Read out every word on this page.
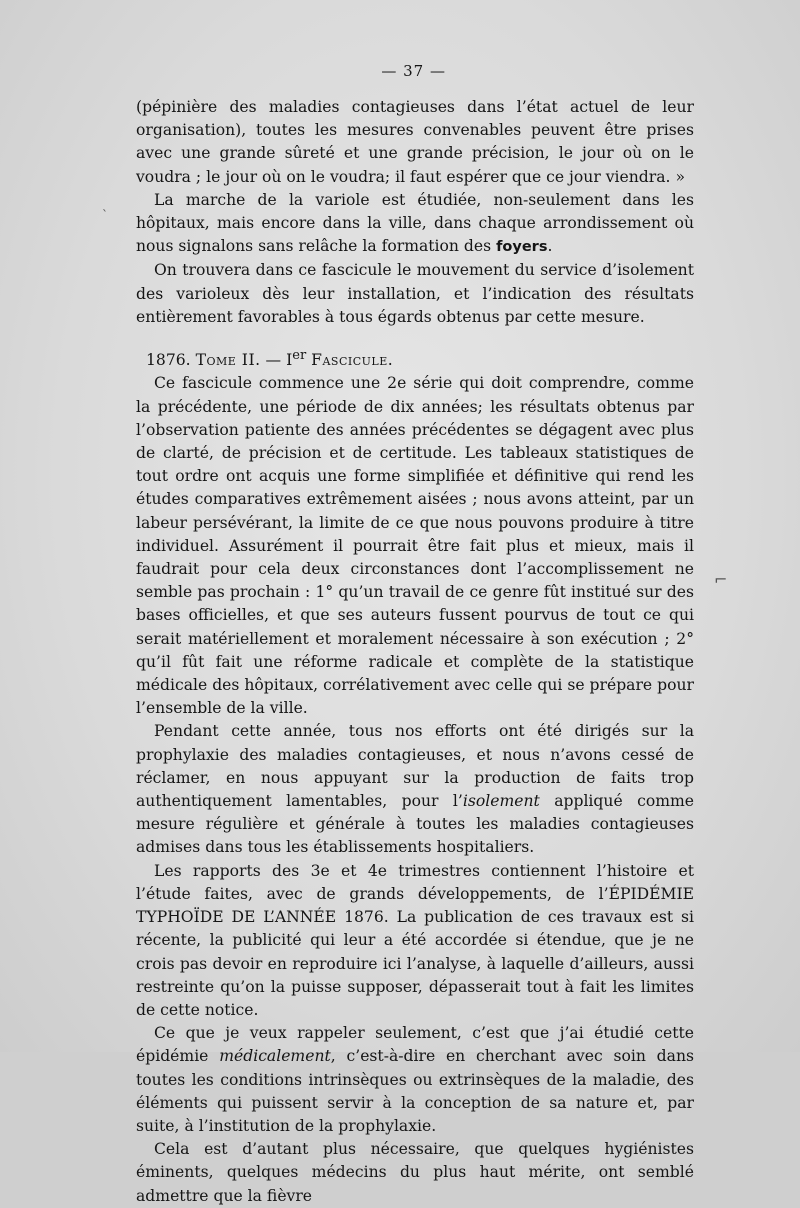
— 37 —

(pépinière des maladies contagieuses dans l’état actuel de leur organisation), toutes les mesures convenables peuvent être prises avec une grande sûreté et une grande précision, le jour où on le voudra ; le jour où on le voudra; il faut espérer que ce jour viendra. »

La marche de la variole est étudiée, non-seulement dans les hôpitaux, mais encore dans la ville, dans chaque arrondissement où nous signalons sans relâche la formation des foyers.

On trouvera dans ce fascicule le mouvement du service d’isolement des varioleux dès leur installation, et l’indication des résultats entièrement favorables à tous égards obtenus par cette mesure.

1876. Tome II. — Ier Fascicule.

Ce fascicule commence une 2e série qui doit comprendre, comme la précédente, une période de dix années; les résultats obtenus par l’observation patiente des années précédentes se dégagent avec plus de clarté, de précision et de certitude. Les tableaux statistiques de tout ordre ont acquis une forme simplifiée et définitive qui rend les études comparatives extrêmement aisées ; nous avons atteint, par un labeur persévérant, la limite de ce que nous pouvons produire à titre individuel. Assurément il pourrait être fait plus et mieux, mais il faudrait pour cela deux circonstances dont l’accomplissement ne semble pas prochain : 1° qu’un travail de ce genre fût institué sur des bases officielles, et que ses auteurs fussent pourvus de tout ce qui serait matériellement et moralement nécessaire à son exécution ; 2° qu’il fût fait une réforme radicale et complète de la statistique médicale des hôpitaux, corrélativement avec celle qui se prépare pour l’ensemble de la ville.

Pendant cette année, tous nos efforts ont été dirigés sur la prophylaxie des maladies contagieuses, et nous n’avons cessé de réclamer, en nous appuyant sur la production de faits trop authentiquement lamentables, pour l’isolement appliqué comme mesure régulière et générale à toutes les maladies contagieuses admises dans tous les établissements hospitaliers.

Les rapports des 3e et 4e trimestres contiennent l’histoire et l’étude faites, avec de grands développements, de l’ÉPIDÉMIE TYPHOÏDE DE L’ANNÉE 1876. La publication de ces travaux est si récente, la publicité qui leur a été accordée si étendue, que je ne crois pas devoir en reproduire ici l’analyse, à laquelle d’ailleurs, aussi restreinte qu’on la puisse supposer, dépasserait tout à fait les limites de cette notice.

Ce que je veux rappeler seulement, c’est que j’ai étudié cette épidémie médicalement, c’est-à-dire en cherchant avec soin dans toutes les conditions intrinsèques ou extrinsèques de la maladie, des éléments qui puissent servir à la conception de sa nature et, par suite, à l’institution de la prophylaxie.

Cela est d’autant plus nécessaire, que quelques hygiénistes éminents, quelques médecins du plus haut mérite, ont semblé admettre que la fièvre

ˋ
⌐
